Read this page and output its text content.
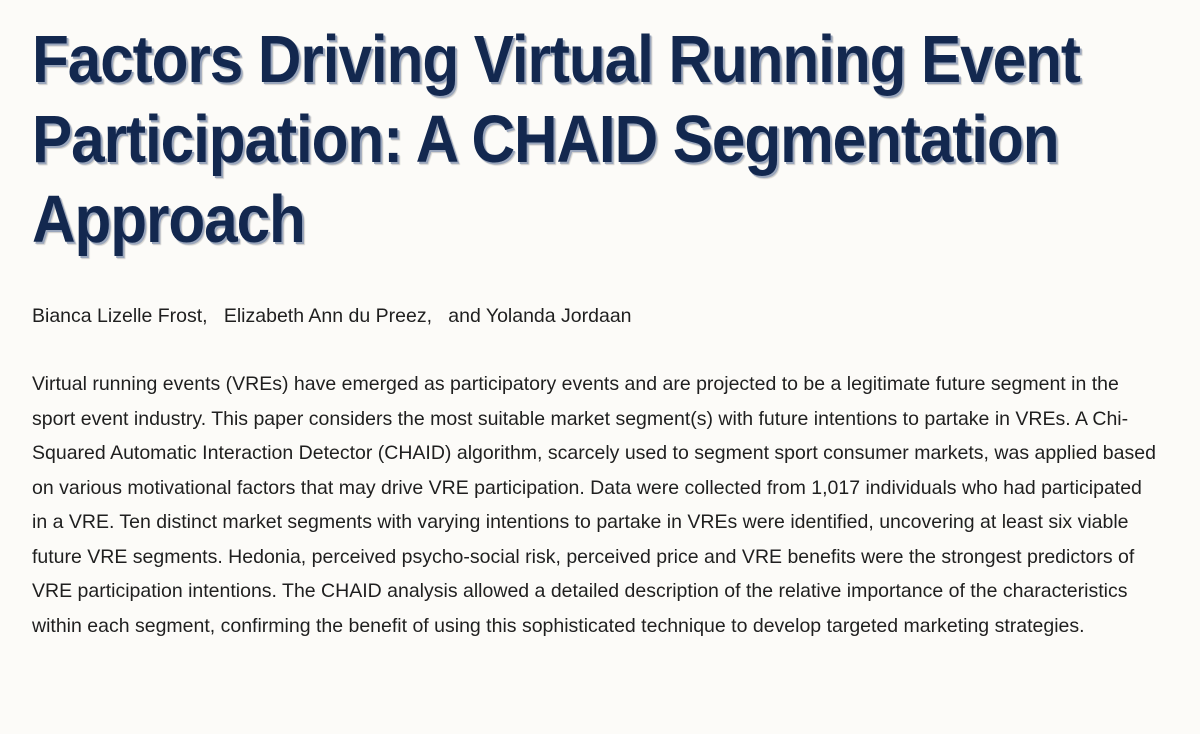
Factors Driving Virtual Running Event Participation: A CHAID Segmentation Approach
Bianca Lizelle Frost, Elizabeth Ann du Preez, and Yolanda Jordaan

Virtual running events (VREs) have emerged as participatory events and are projected to be a legitimate future segment in the sport event industry. This paper considers the most suitable market segment(s) with future intentions to partake in VREs. A Chi-Squared Automatic Interaction Detector (CHAID) algorithm, scarcely used to segment sport consumer markets, was applied based on various motivational factors that may drive VRE participation. Data were collected from 1,017 individuals who had participated in a VRE. Ten distinct market segments with varying intentions to partake in VREs were identified, uncovering at least six viable future VRE segments. Hedonia, perceived psycho-social risk, perceived price and VRE benefits were the strongest predictors of VRE participation intentions. The CHAID analysis allowed a detailed description of the relative importance of the characteristics within each segment, confirming the benefit of using this sophisticated technique to develop targeted marketing strategies.
